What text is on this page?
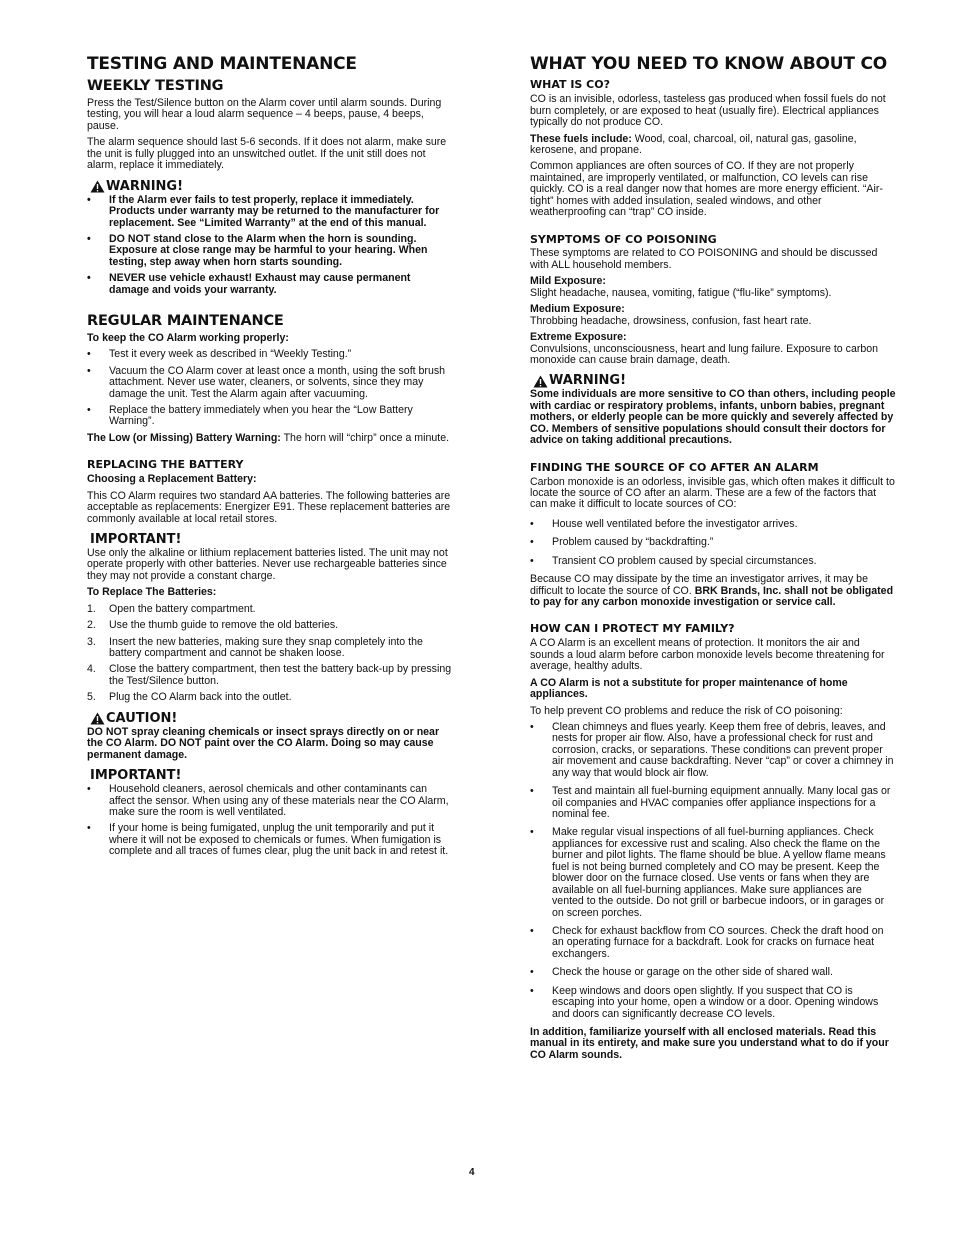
TESTING AND MAINTENANCE
WEEKLY TESTING

Press the Test/Silence button on the Alarm cover until alarm sounds. During testing, you will hear a loud alarm sequence – 4 beeps, pause, 4 beeps, pause.

The alarm sequence should last 5-6 seconds. If it does not alarm, make sure the unit is fully plugged into an unswitched outlet. If the unit still does not alarm, replace it immediately.

WARNING!
• If the Alarm ever fails to test properly, replace it immediately. Products under warranty may be returned to the manufacturer for replacement. See “Limited Warranty” at the end of this manual.
• DO NOT stand close to the Alarm when the horn is sounding. Exposure at close range may be harmful to your hearing. When testing, step away when horn starts sounding.
• NEVER use vehicle exhaust! Exhaust may cause permanent damage and voids your warranty.
REGULAR MAINTENANCE

To keep the CO Alarm working properly:

• Test it every week as described in “Weekly Testing.”
• Vacuum the CO Alarm cover at least once a month, using the soft brush attachment. Never use water, cleaners, or solvents, since they may damage the unit. Test the Alarm again after vacuuming.
• Replace the battery immediately when you hear the “Low Battery Warning”.

The Low (or Missing) Battery Warning: The horn will “chirp” once a minute.

REPLACING THE BATTERY

Choosing a Replacement Battery:

This CO Alarm requires two standard AA batteries. The following batteries are acceptable as replacements: Energizer E91. These replacement batteries are commonly available at local retail stores.

IMPORTANT!

Use only the alkaline or lithium replacement batteries listed. The unit may not operate properly with other batteries. Never use rechargeable batteries since they may not provide a constant charge.

To Replace The Batteries:

1. Open the battery compartment.
2. Use the thumb guide to remove the old batteries.
3. Insert the new batteries, making sure they snap completely into the battery compartment and cannot be shaken loose.
4. Close the battery compartment, then test the battery back-up by pressing the Test/Silence button.
5. Plug the CO Alarm back into the outlet.
CAUTION!

DO NOT spray cleaning chemicals or insect sprays directly on or near the CO Alarm. DO NOT paint over the CO Alarm. Doing so may cause permanent damage.

IMPORTANT!
• Household cleaners, aerosol chemicals and other contaminants can affect the sensor. When using any of these materials near the CO Alarm, make sure the room is well ventilated.
• If your home is being fumigated, unplug the unit temporarily and put it where it will not be exposed to chemicals or fumes. When fumigation is complete and all traces of fumes clear, plug the unit back in and retest it.
WHAT YOU NEED TO KNOW ABOUT CO
WHAT IS CO?

CO is an invisible, odorless, tasteless gas produced when fossil fuels do not burn completely, or are exposed to heat (usually fire). Electrical appliances typically do not produce CO.

These fuels include: Wood, coal, charcoal, oil, natural gas, gasoline, kerosene, and propane.

Common appliances are often sources of CO. If they are not properly maintained, are improperly ventilated, or malfunction, CO levels can rise quickly. CO is a real danger now that homes are more energy efficient. “Air-tight” homes with added insulation, sealed windows, and other weatherproofing can “trap” CO inside.

SYMPTOMS OF CO POISONING

These symptoms are related to CO POISONING and should be discussed with ALL household members.

Mild Exposure:

Slight headache, nausea, vomiting, fatigue (“flu-like” symptoms).

Medium Exposure:

Throbbing headache, drowsiness, confusion, fast heart rate.

Extreme Exposure:

Convulsions, unconsciousness, heart and lung failure. Exposure to carbon monoxide can cause brain damage, death.

WARNING!

Some individuals are more sensitive to CO than others, including people with cardiac or respiratory problems, infants, unborn babies, pregnant mothers, or elderly people can be more quickly and severely affected by CO. Members of sensitive populations should consult their doctors for advice on taking additional precautions.

FINDING THE SOURCE OF CO AFTER AN ALARM

Carbon monoxide is an odorless, invisible gas, which often makes it difficult to locate the source of CO after an alarm. These are a few of the factors that can make it difficult to locate sources of CO:

• House well ventilated before the investigator arrives.
• Problem caused by “backdrafting.”
• Transient CO problem caused by special circumstances.

Because CO may dissipate by the time an investigator arrives, it may be difficult to locate the source of CO. BRK Brands, Inc. shall not be obligated to pay for any carbon monoxide investigation or service call.

HOW CAN I PROTECT MY FAMILY?

A CO Alarm is an excellent means of protection. It monitors the air and sounds a loud alarm before carbon monoxide levels become threatening for average, healthy adults.

A CO Alarm is not a substitute for proper maintenance of home appliances.

To help prevent CO problems and reduce the risk of CO poisoning:

• Clean chimneys and flues yearly. Keep them free of debris, leaves, and nests for proper air flow. Also, have a professional check for rust and corrosion, cracks, or separations. These conditions can prevent proper air movement and cause backdrafting. Never “cap” or cover a chimney in any way that would block air flow.
• Test and maintain all fuel-burning equipment annually. Many local gas or oil companies and HVAC companies offer appliance inspections for a nominal fee.
• Make regular visual inspections of all fuel-burning appliances. Check appliances for excessive rust and scaling. Also check the flame on the burner and pilot lights. The flame should be blue. A yellow flame means fuel is not being burned completely and CO may be present. Keep the blower door on the furnace closed. Use vents or fans when they are available on all fuel-burning appliances. Make sure appliances are vented to the outside. Do not grill or barbecue indoors, or in garages or on screen porches.
• Check for exhaust backflow from CO sources. Check the draft hood on an operating furnace for a backdraft. Look for cracks on furnace heat exchangers.
• Check the house or garage on the other side of shared wall.
• Keep windows and doors open slightly. If you suspect that CO is escaping into your home, open a window or a door. Opening windows and doors can significantly decrease CO levels.

In addition, familiarize yourself with all enclosed materials. Read this manual in its entirety, and make sure you understand what to do if your CO Alarm sounds.

4
